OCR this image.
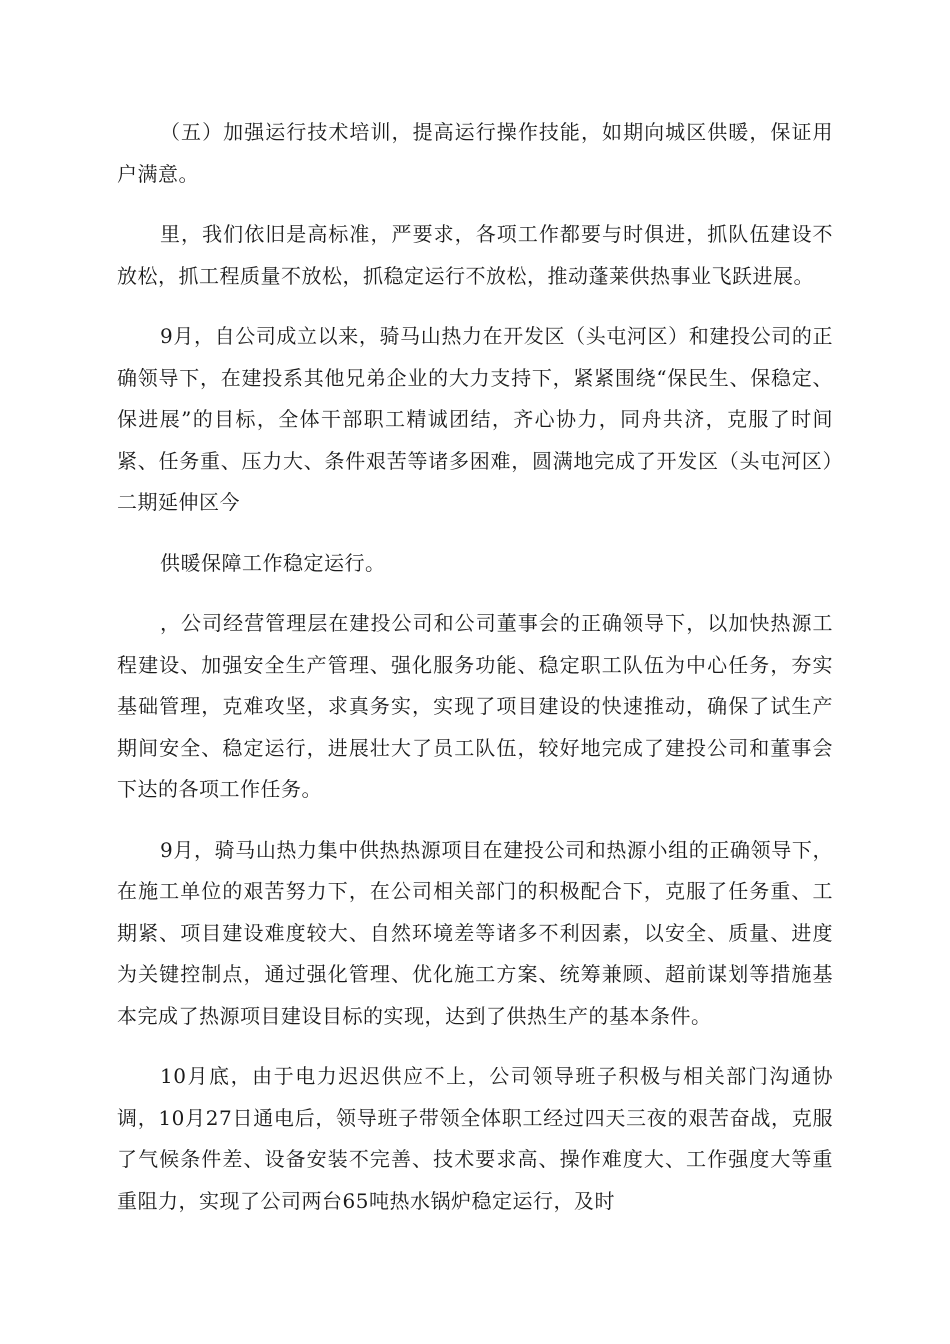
（五）加强运行技术培训，提高运行操作技能，如期向城区供暖，保证用户满意。

里，我们依旧是高标准，严要求，各项工作都要与时俱进，抓队伍建设不放松，抓工程质量不放松，抓稳定运行不放松，推动蓬莱供热事业飞跃进展。

9月，自公司成立以来，骑马山热力在开发区（头屯河区）和建投公司的正确领导下，在建投系其他兄弟企业的大力支持下，紧紧围绕“保民生、保稳定、保进展”的目标，全体干部职工精诚团结，齐心协力，同舟共济，克服了时间紧、任务重、压力大、条件艰苦等诸多困难，圆满地完成了开发区（头屯河区）二期延伸区今

供暖保障工作稳定运行。

，公司经营管理层在建投公司和公司董事会的正确领导下，以加快热源工程建设、加强安全生产管理、强化服务功能、稳定职工队伍为中心任务，夯实基础管理，克难攻坚，求真务实，实现了项目建设的快速推动，确保了试生产期间安全、稳定运行，进展壮大了员工队伍，较好地完成了建投公司和董事会下达的各项工作任务。

9月，骑马山热力集中供热热源项目在建投公司和热源小组的正确领导下，在施工单位的艰苦努力下，在公司相关部门的积极配合下，克服了任务重、工期紧、项目建设难度较大、自然环境差等诸多不利因素，以安全、质量、进度为关键控制点，通过强化管理、优化施工方案、统筹兼顾、超前谋划等措施基本完成了热源项目建设目标的实现，达到了供热生产的基本条件。

10月底，由于电力迟迟供应不上，公司领导班子积极与相关部门沟通协调，10月27日通电后，领导班子带领全体职工经过四天三夜的艰苦奋战，克服了气候条件差、设备安装不完善、技术要求高、操作难度大、工作强度大等重重阻力，实现了公司两台65吨热水锅炉稳定运行，及时
